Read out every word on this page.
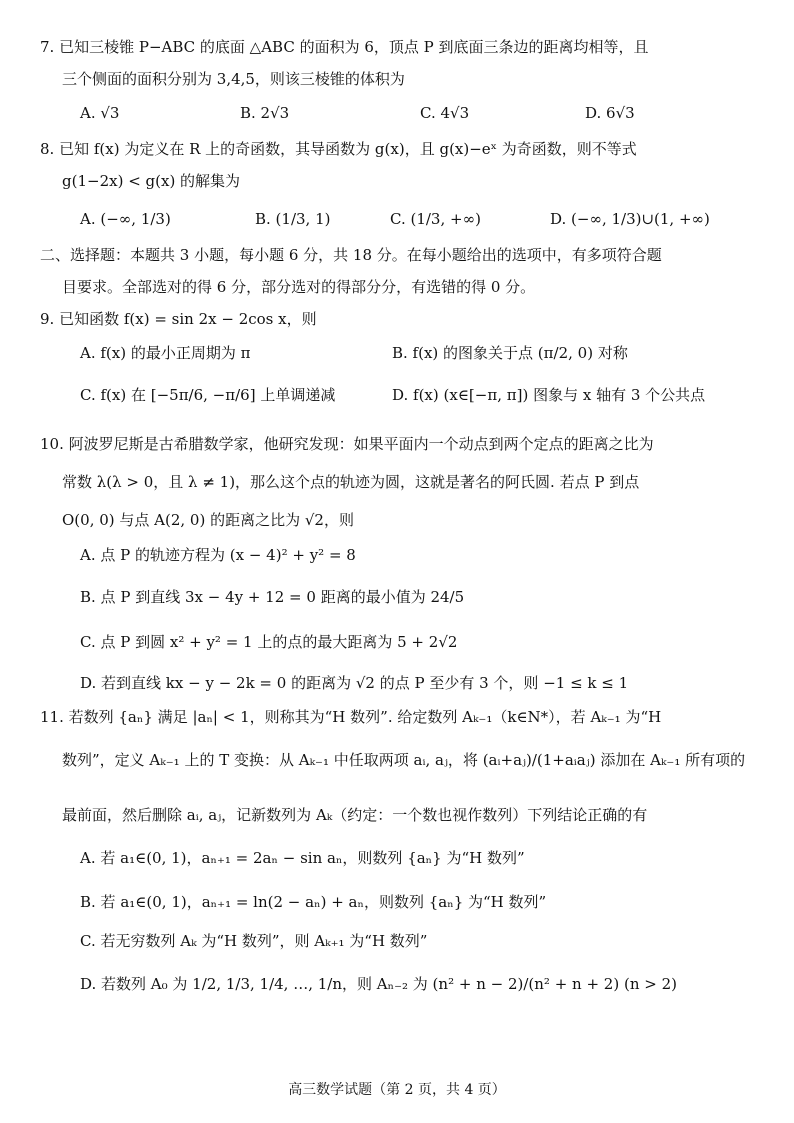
7. 已知三棱锥 P−ABC 的底面 △ABC 的面积为 6，顶点 P 到底面三条边的距离均相等，且
三个侧面的面积分别为 3,4,5，则该三棱锥的体积为
A. √3	B. 2√3	C. 4√3	D. 6√3
8. 已知 f(x) 为定义在 R 上的奇函数，其导函数为 g(x)，且 g(x)−eˣ 为奇函数，则不等式
g(1−2x) < g(x) 的解集为
A. (−∞, 1/3)	B. (1/3, 1)	C. (1/3, +∞)	D. (−∞, 1/3)∪(1, +∞)
二、选择题：本题共 3 小题，每小题 6 分，共 18 分。在每小题给出的选项中，有多项符合题
目要求。全部选对的得 6 分，部分选对的得部分分，有选错的得 0 分。
9. 已知函数 f(x) = sin 2x − 2cos x，则
A. f(x) 的最小正周期为 π	B. f(x) 的图象关于点 (π/2, 0) 对称
C. f(x) 在 [−5π/6, −π/6] 上单调递减	D. f(x) (x∈[−π, π]) 图象与 x 轴有 3 个公共点
10. 阿波罗尼斯是古希腊数学家，他研究发现：如果平面内一个动点到两个定点的距离之比为
常数 λ(λ > 0，且 λ ≠ 1)，那么这个点的轨迹为圆，这就是著名的阿氏圆. 若点 P 到点
O(0, 0) 与点 A(2, 0) 的距离之比为 √2，则
A. 点 P 的轨迹方程为 (x − 4)² + y² = 8
B. 点 P 到直线 3x − 4y + 12 = 0 距离的最小值为 24/5
C. 点 P 到圆 x² + y² = 1 上的点的最大距离为 5 + 2√2
D. 若到直线 kx − y − 2k = 0 的距离为 √2 的点 P 至少有 3 个，则 −1 ≤ k ≤ 1
11. 若数列 {aₙ} 满足 |aₙ| < 1，则称其为“H 数列”. 给定数列 Aₖ₋₁（k∈N*），若 Aₖ₋₁ 为“H
数列”，定义 Aₖ₋₁ 上的 T 变换：从 Aₖ₋₁ 中任取两项 aᵢ, aⱼ，将 (aᵢ+aⱼ)/(1+aᵢaⱼ) 添加在 Aₖ₋₁ 所有项的
最前面，然后删除 aᵢ, aⱼ，记新数列为 Aₖ（约定：一个数也视作数列）下列结论正确的有
A. 若 a₁∈(0, 1)，aₙ₊₁ = 2aₙ − sin aₙ，则数列 {aₙ} 为“H 数列”
B. 若 a₁∈(0, 1)，aₙ₊₁ = ln(2 − aₙ) + aₙ，则数列 {aₙ} 为“H 数列”
C. 若无穷数列 Aₖ 为“H 数列”，则 Aₖ₊₁ 为“H 数列”
D. 若数列 A₀ 为 1/2, 1/3, 1/4, …, 1/n，则 Aₙ₋₂ 为 (n² + n − 2)/(n² + n + 2) (n > 2)
高三数学试题（第 2 页，共 4 页）
